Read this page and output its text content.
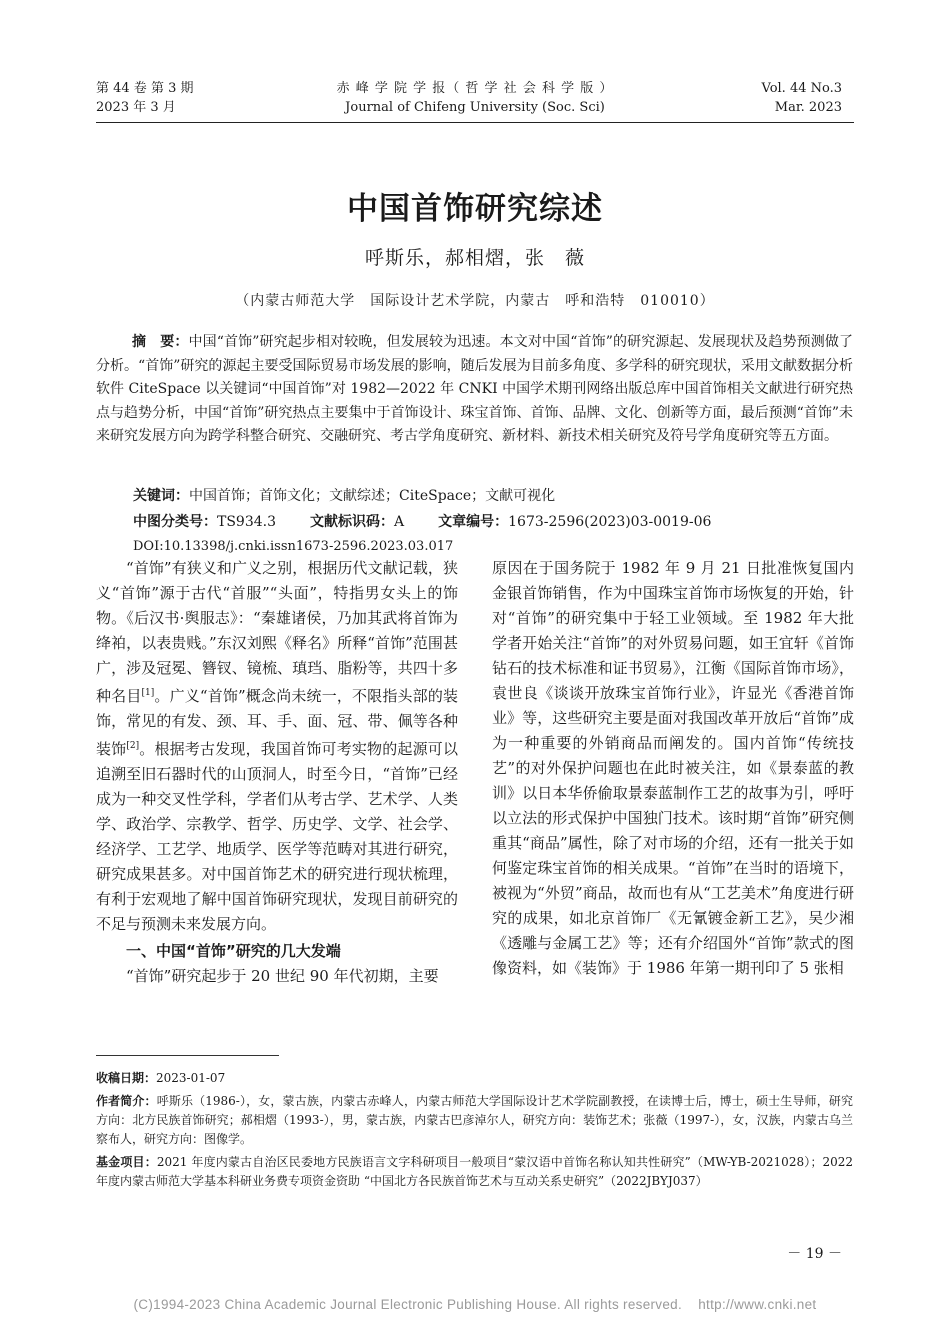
第 44 卷 第 3 期
2023 年 3 月
赤 峰 学 院 学 报（ 哲 学 社 会 科 学 版 ）
Journal of Chifeng University (Soc. Sci)
Vol. 44 No.3
Mar. 2023
中国首饰研究综述
呼斯乐，郝相熠，张　薇
（内蒙古师范大学　国际设计艺术学院，内蒙古　呼和浩特　010010）
摘　要：中国“首饰”研究起步相对较晚，但发展较为迅速。本文对中国“首饰”的研究源起、发展现状及趋势预测做了分析。“首饰”研究的源起主要受国际贸易市场发展的影响，随后发展为目前多角度、多学科的研究现状，采用文献数据分析软件 CiteSpace 以关键词“中国首饰”对 1982—2022 年 CNKI 中国学术期刊网络出版总库中国首饰相关文献进行研究热点与趋势分析，中国“首饰”研究热点主要集中于首饰设计、珠宝首饰、首饰、品牌、文化、创新等方面，最后预测“首饰”未来研究发展方向为跨学科整合研究、交融研究、考古学角度研究、新材料、新技术相关研究及符号学角度研究等五方面。
关键词：中国首饰；首饰文化；文献综述；CiteSpace；文献可视化
中图分类号：TS934.3 文献标识码：A 文章编号：1673-2596(2023)03-0019-06
DOI:10.13398/j.cnki.issn1673-2596.2023.03.017

“首饰”有狭义和广义之别，根据历代文献记载，狭义“首饰”源于古代“首服”“头面”，特指男女头上的饰物。《后汉书·舆服志》：“秦雄诸侯，乃加其武将首饰为绛袙，以表贵贱。”东汉刘熙《释名》所释“首饰”范围甚广，涉及冠冕、簪钗、镜梳、瑱珰、脂粉等，共四十多种名目[1]。广义“首饰”概念尚未统一，不限指头部的装饰，常见的有发、颈、耳、手、面、冠、带、佩等各种装饰[2]。根据考古发现，我国首饰可考实物的起源可以追溯至旧石器时代的山顶洞人，时至今日，“首饰”已经成为一种交叉性学科，学者们从考古学、艺术学、人类学、政治学、宗教学、哲学、历史学、文学、社会学、经济学、工艺学、地质学、医学等范畴对其进行研究，研究成果甚多。对中国首饰艺术的研究进行现状梳理，有利于宏观地了解中国首饰研究现状，发现目前研究的不足与预测未来发展方向。

一、中国“首饰”研究的几大发端

“首饰”研究起步于 20 世纪 90 年代初期，主要

原因在于国务院于 1982 年 9 月 21 日批准恢复国内金银首饰销售，作为中国珠宝首饰市场恢复的开始，针对“首饰”的研究集中于轻工业领域。至 1982 年大批学者开始关注“首饰”的对外贸易问题，如王宜轩《首饰钻石的技术标准和证书贸易》，江衡《国际首饰市场》，袁世良《谈谈开放珠宝首饰行业》，许显光《香港首饰业》等，这些研究主要是面对我国改革开放后“首饰”成为一种重要的外销商品而阐发的。国内首饰“传统技艺”的对外保护问题也在此时被关注，如《景泰蓝的教训》以日本华侨偷取景泰蓝制作工艺的故事为引，呼吁以立法的形式保护中国独门技术。该时期“首饰”研究侧重其“商品”属性，除了对市场的介绍，还有一批关于如何鉴定珠宝首饰的相关成果。“首饰”在当时的语境下，被视为“外贸”商品，故而也有从“工艺美术”角度进行研究的成果，如北京首饰厂《无氰镀金新工艺》，吴少湘《透雕与金属工艺》等；还有介绍国外“首饰”款式的图像资料，如《装饰》于 1986 年第一期刊印了 5 张相

收稿日期：2023-01-07
作者简介：呼斯乐（1986-），女，蒙古族，内蒙古赤峰人，内蒙古师范大学国际设计艺术学院副教授，在读博士后，博士，硕士生导师，研究方向：北方民族首饰研究；郝相熠（1993-），男，蒙古族，内蒙古巴彦淖尔人，研究方向：装饰艺术；张薇（1997-），女，汉族，内蒙古乌兰察布人，研究方向：图像学。
基金项目：2021 年度内蒙古自治区民委地方民族语言文字科研项目一般项目“蒙汉语中首饰名称认知共性研究”（MW-YB-2021028）；2022 年度内蒙古师范大学基本科研业务费专项资金资助 “中国北方各民族首饰艺术与互动关系史研究”（2022JBYJ037）
－ 19 －
(C)1994-2023 China Academic Journal Electronic Publishing House. All rights reserved.    http://www.cnki.net
